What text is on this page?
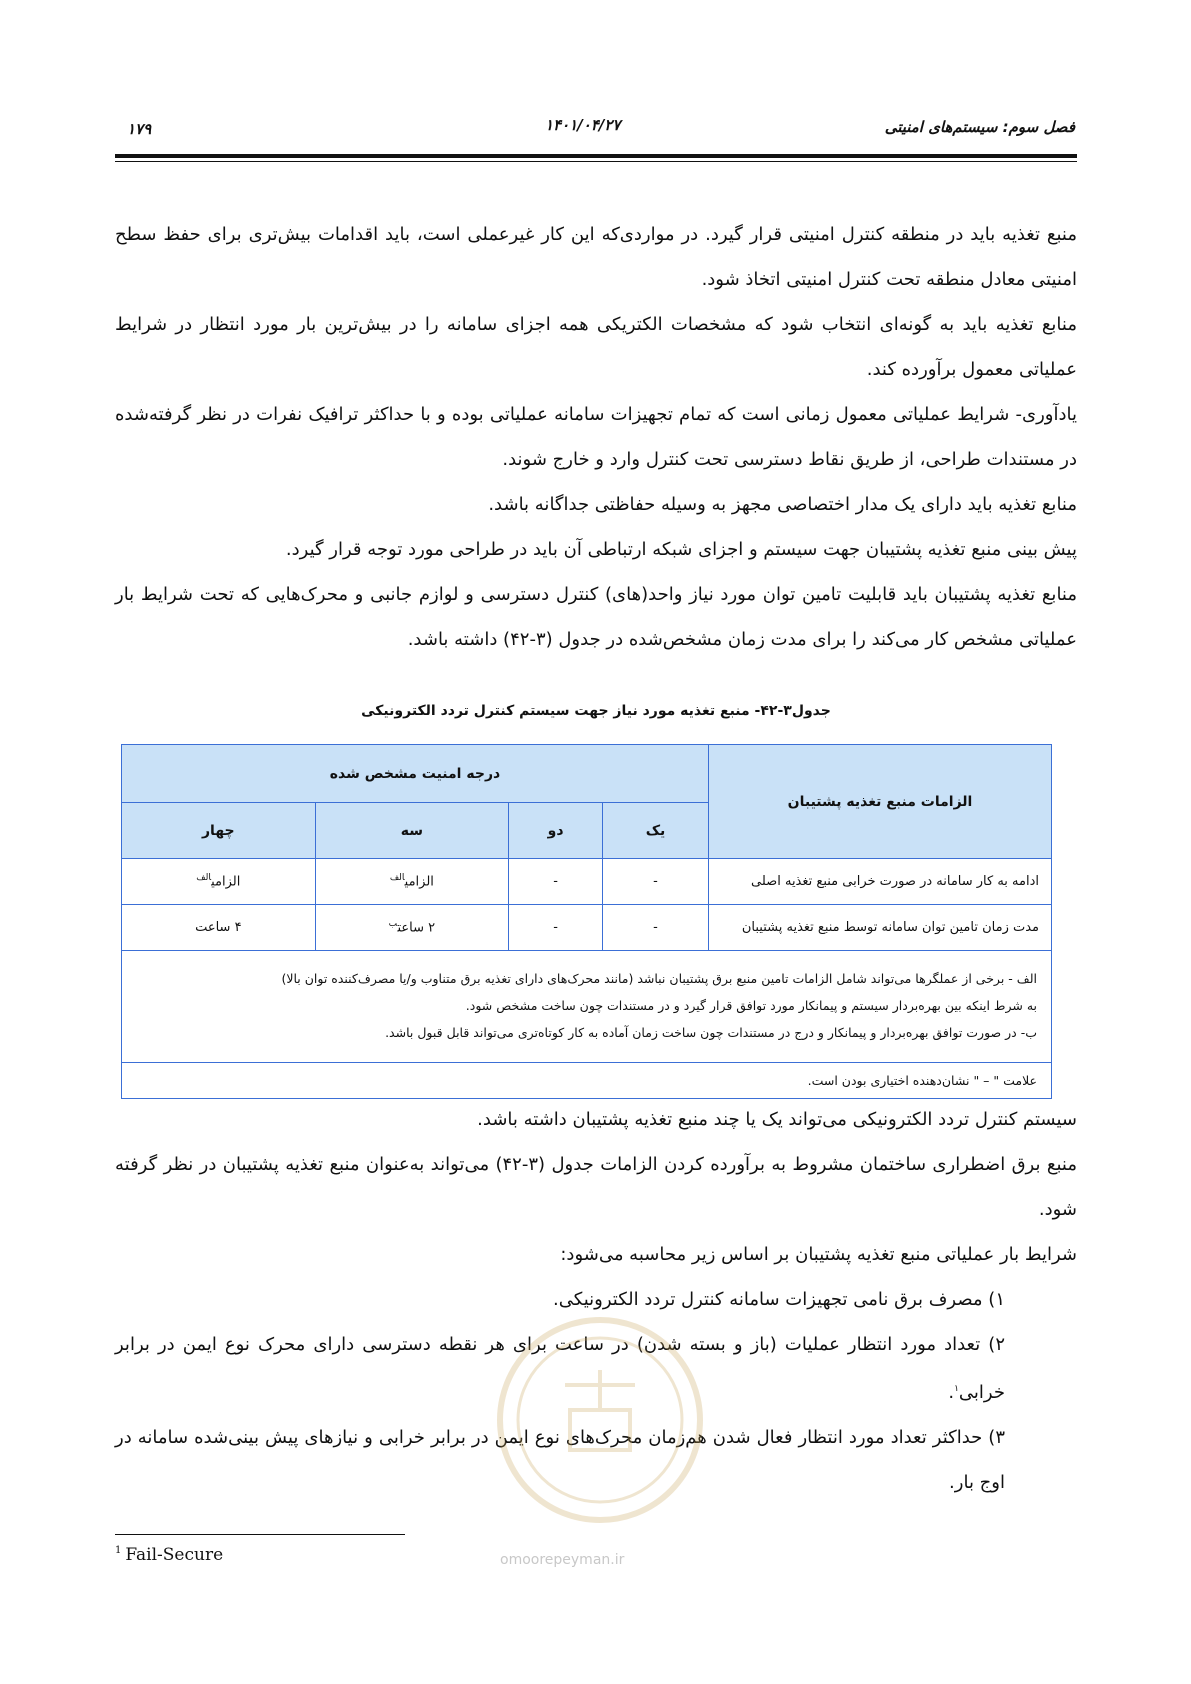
فصل سوم: سیستم‌های امنیتی
۱۴۰۱/۰۴/۲۷
۱۷۹

منبع تغذیه باید در منطقه کنترل امنیتی قرار گیرد. در مواردی‌که این کار غیرعملی است، باید اقدامات بیش‌تری برای حفظ سطح امنیتی معادل منطقه تحت کنترل امنیتی اتخاذ شود.

منابع تغذیه باید به گونه‌ای انتخاب شود که مشخصات الکتریکی همه اجزای سامانه را در بیش‌ترین بار مورد انتظار در شرایط عملیاتی معمول برآورده کند.

یادآوری- شرایط عملیاتی معمول زمانی است که تمام تجهیزات سامانه عملیاتی بوده و با حداکثر ترافیک نفرات در نظر گرفته‌شده در مستندات طراحی، از طریق نقاط دسترسی تحت کنترل وارد و خارج شوند.

منابع تغذیه باید دارای یک مدار اختصاصی مجهز به وسیله حفاظتی جداگانه باشد.

پیش بینی منبع تغذیه پشتیبان جهت سیستم و اجزای شبکه ارتباطی آن باید در طراحی مورد توجه قرار گیرد.

منابع تغذیه پشتیبان باید قابلیت تامین توان مورد نیاز واحد(های) کنترل دسترسی و لوازم جانبی و محرک‌هایی که تحت شرایط بار عملیاتی مشخص کار می‌کند را برای مدت زمان مشخص‌شده در جدول (۳-۴۲) داشته باشد.

جدول۳-۴۲- منبع تغذیه مورد نیاز جهت سیستم کنترل تردد الکترونیکی
الزامات منبع تغذیه پشتیبان	درجه امنیت مشخص شده			
	یک	دو	سه	چهار
ادامه به کار سامانه در صورت خرابی منبع تغذیه اصلی	-	-	الزامی$^{الف}$	الزامی$^{الف}$
مدت زمان تامین توان سامانه توسط منبع تغذیه پشتیبان	-	-	۲ ساعت$^ب$	۴ ساعت

الف - برخی از عملگرها می‌تواند شامل الزامات تامین منبع برق پشتیبان نباشد (مانند محرک‌های دارای تغذیه برق متناوب و/یا مصرف‌کننده توان بالا)
به شرط اینکه بین بهره‌بردار سیستم و پیمانکار مورد توافق قرار گیرد و در مستندات چون ساخت مشخص شود.
ب- در صورت توافق بهره‌بردار و پیمانکار و درج در مستندات چون ساخت زمان آماده به کار کوتاه‌تری می‌تواند قابل قبول باشد.				

علامت " – " نشان‌دهنده اختیاری بودن است.				

سیستم کنترل تردد الکترونیکی می‌تواند یک یا چند منبع تغذیه پشتیبان داشته باشد.

منبع برق اضطراری ساختمان مشروط به برآورده کردن الزامات جدول (۳-۴۲) می‌تواند به‌عنوان منبع تغذیه پشتیبان در نظر گرفته شود.

شرایط بار عملیاتی منبع تغذیه پشتیبان بر اساس زیر محاسبه می‌شود:

۱) مصرف برق نامی تجهیزات سامانه کنترل تردد الکترونیکی.

۲) تعداد مورد انتظار عملیات (باز و بسته شدن) در ساعت برای هر نقطه دسترسی دارای محرک نوع ایمن در برابر خرابی$^۱$.

۳) حداکثر تعداد مورد انتظار فعال شدن هم‌زمان محرک‌های نوع ایمن در برابر خرابی و نیازهای پیش بینی‌شده سامانه در اوج بار.

omoorepeyman.ir
$^1$ Fail-Secure
